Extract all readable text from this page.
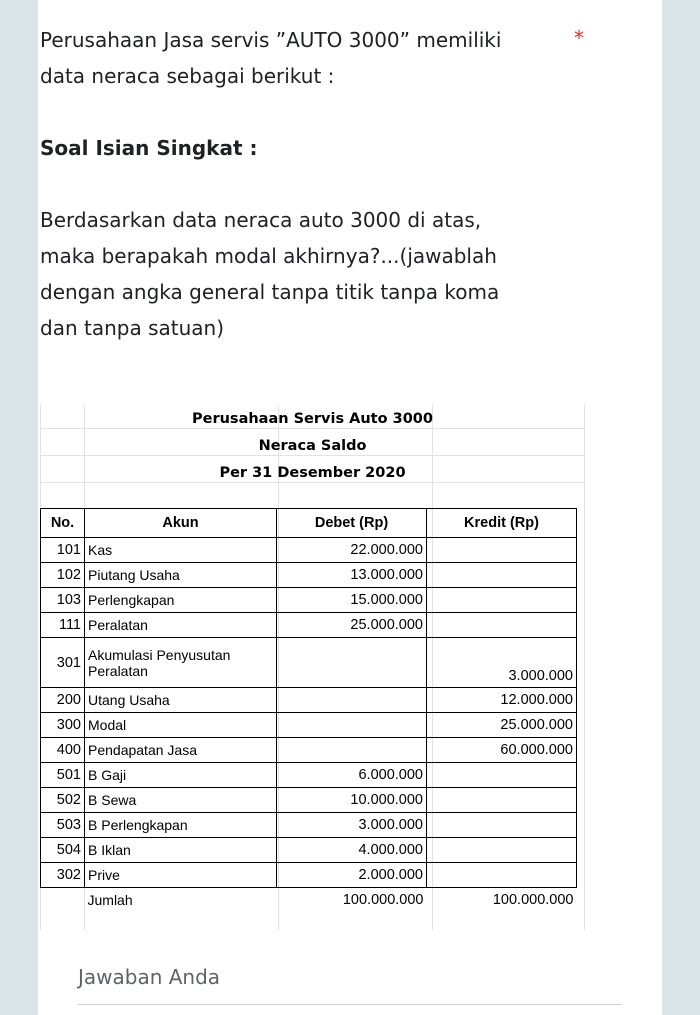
Perusahaan Jasa servis ”AUTO 3000” memiliki

data neraca sebagai berikut :

Soal Isian Singkat :

Berdasarkan data neraca auto 3000 di atas,

maka berapakah modal akhirnya?...(jawablah

dengan angka general tanpa titik tanpa koma

dan tanpa satuan)

*
Perusahaan Servis Auto 3000
Neraca Saldo
Per 31 Desember 2020
No.	Akun	Debet (Rp)	Kredit (Rp)
101	Kas	22.000.000	
102	Piutang Usaha	13.000.000	
103	Perlengkapan	15.000.000	
111	Peralatan	25.000.000	
301	Akumulasi Penyusutan
Peralatan		3.000.000
200	Utang Usaha		12.000.000
300	Modal		25.000.000
400	Pendapatan Jasa		60.000.000
501	B Gaji	6.000.000	
502	B Sewa	10.000.000	
503	B Perlengkapan	3.000.000	
504	B Iklan	4.000.000	
302	Prive	2.000.000	
	Jumlah	100.000.000	100.000.000
Jawaban Anda
